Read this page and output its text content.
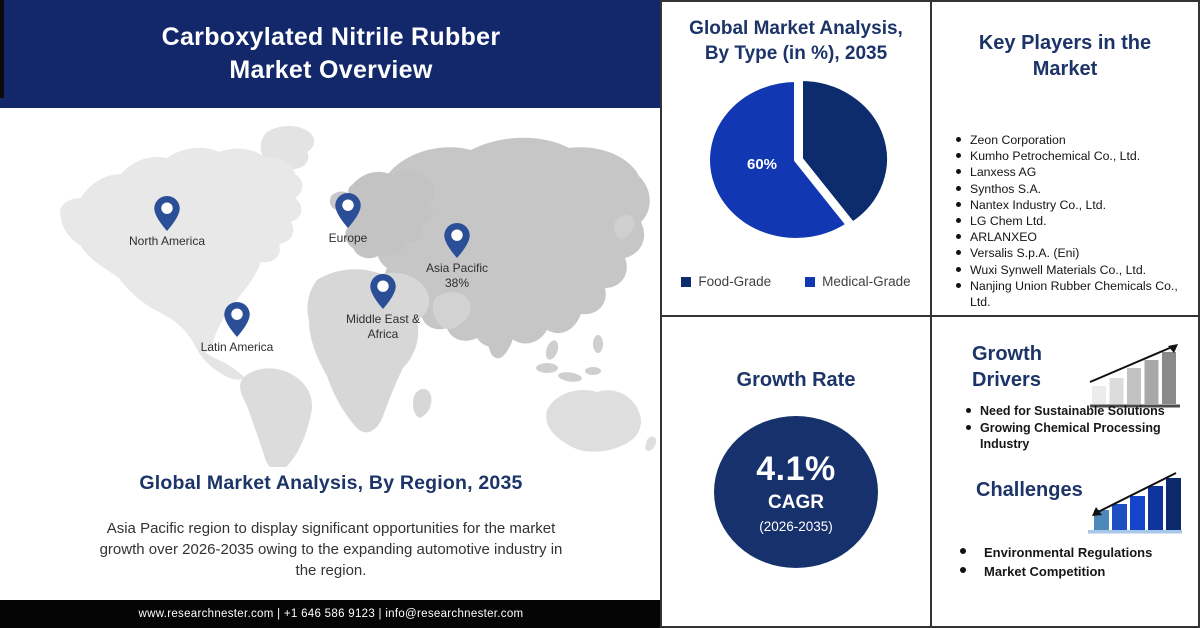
Carboxylated Nitrile Rubber
Market Overview
North America	Europe
Asia Pacific
38%
Middle East & Africa
Latin America
Global Market Analysis, By Region, 2035
Asia Pacific region to display significant opportunities for the market growth over 2026-2035 owing to the expanding automotive industry in the region.
www.researchnester.com | +1 646 586 9123 | info@researchnester.com
Global Market Analysis, By Type (in %), 2035
60%
Food-Grade	Medical-Grade
Key Players in the Market
Zeon Corporation
Kumho Petrochemical Co., Ltd.
Lanxess AG
Synthos S.A.
Nantex Industry Co., Ltd.
LG Chem Ltd.
ARLANXEO
Versalis S.p.A. (Eni)
Wuxi Synwell Materials Co., Ltd.
Nanjing Union Rubber Chemicals Co., Ltd.
Growth Rate
4.1%
CAGR
(2026-2035)
Growth Drivers
Need for Sustainable Solutions
Growing Chemical Processing Industry
Challenges
Environmental Regulations
Market Competition
